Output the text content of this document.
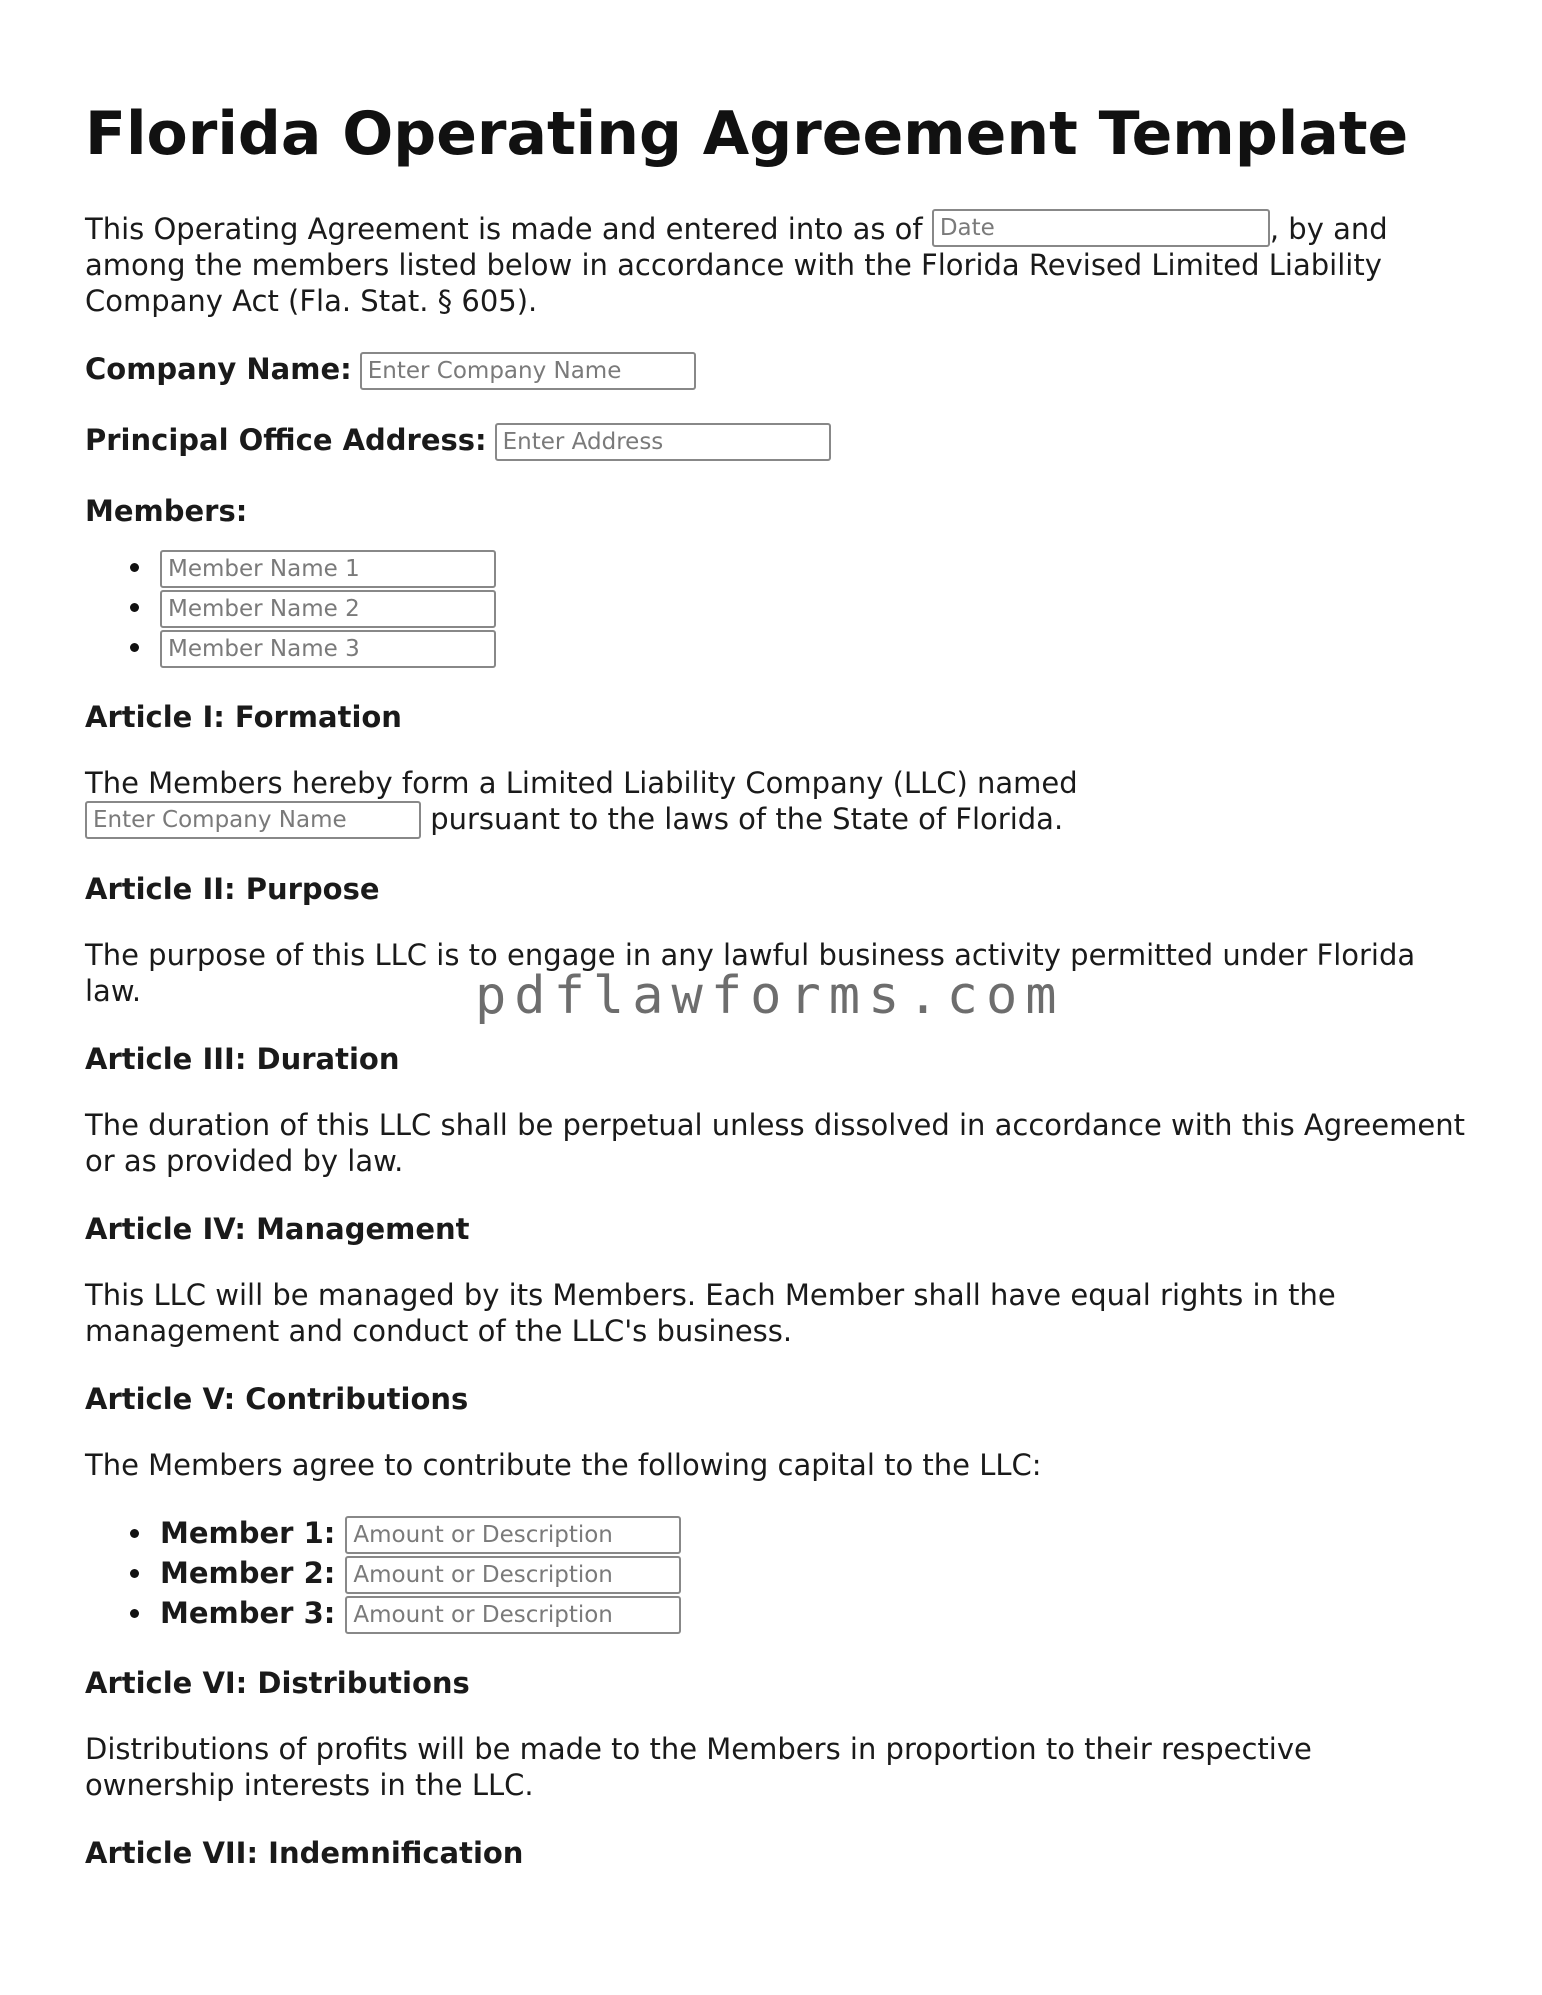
Florida Operating Agreement Template

This Operating Agreement is made and entered into as of Date	, by and among the members listed below in accordance with the Florida Revised Limited Liability Company Act (Fla. Stat. § 605).

Company Name:Enter Company Name
Principal Office Address:Enter Address
Members:
Member Name 1
Member Name 2
Member Name 3
Article I: Formation

The Members hereby form a Limited Liability Company (LLC) named
Enter Company Name pursuant to the laws of the State of Florida.

Article II: Purpose

The purpose of this LLC is to engage in any lawful business activity permitted under Florida law.

Article III: Duration

The duration of this LLC shall be perpetual unless dissolved in accordance with this Agreement or as provided by law.

Article IV: Management

This LLC will be managed by its Members. Each Member shall have equal rights in the management and conduct of the LLC's business.

Article V: Contributions

The Members agree to contribute the following capital to the LLC:

Member 1:Amount or Description
Member 2:Amount or Description
Member 3:Amount or Description
Article VI: Distributions

Distributions of profits will be made to the Members in proportion to their respective ownership interests in the LLC.

Article VII: Indemnification
pdflawforms.com
